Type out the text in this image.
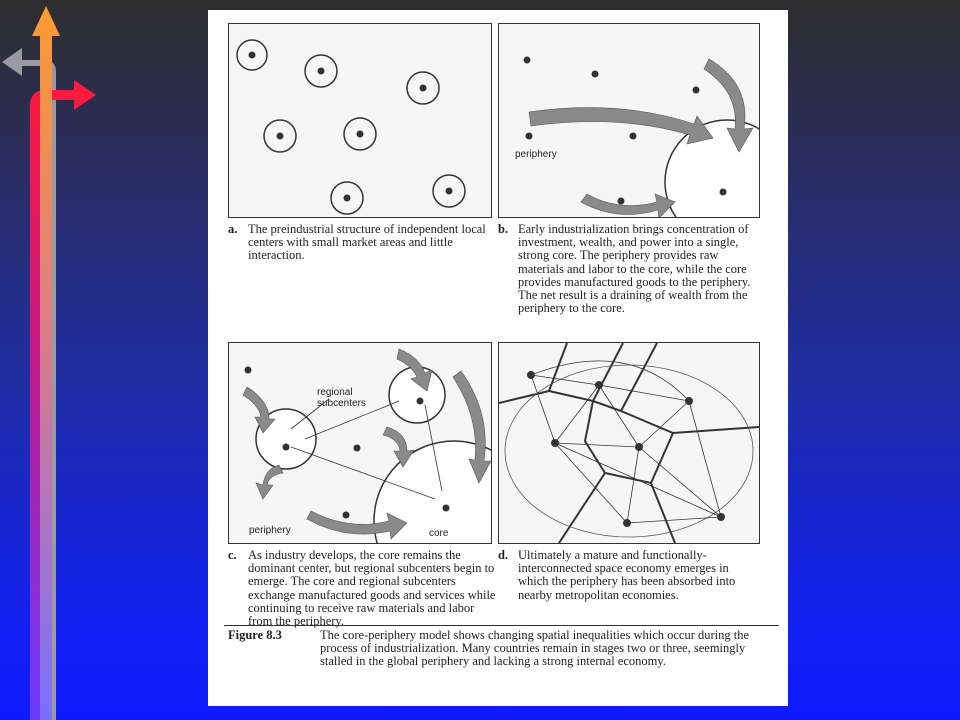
a. The preindustrial structure of independent local centers with small market areas and little interaction.
periphery
b. Early industrialization brings concentration of investment, wealth, and power into a single, strong core. The periphery provides raw materials and labor to the core, while the core provides manufactured goods to the periphery. The net result is a draining of wealth from the periphery to the core.
regional
subcenters
periphery	core
c. As industry develops, the core remains the dominant center, but regional subcenters begin to emerge. The core and regional subcenters exchange manufactured goods and services while continuing to receive raw materials and labor from the periphery.
d. Ultimately a mature and functionally-interconnected space economy emerges in which the periphery has been absorbed into nearby metropolitan economies.
Figure 8.3	The core-periphery model shows changing spatial inequalities which occur during the process of industrialization. Many countries remain in stages two or three, seemingly stalled in the global periphery and lacking a strong internal economy.
